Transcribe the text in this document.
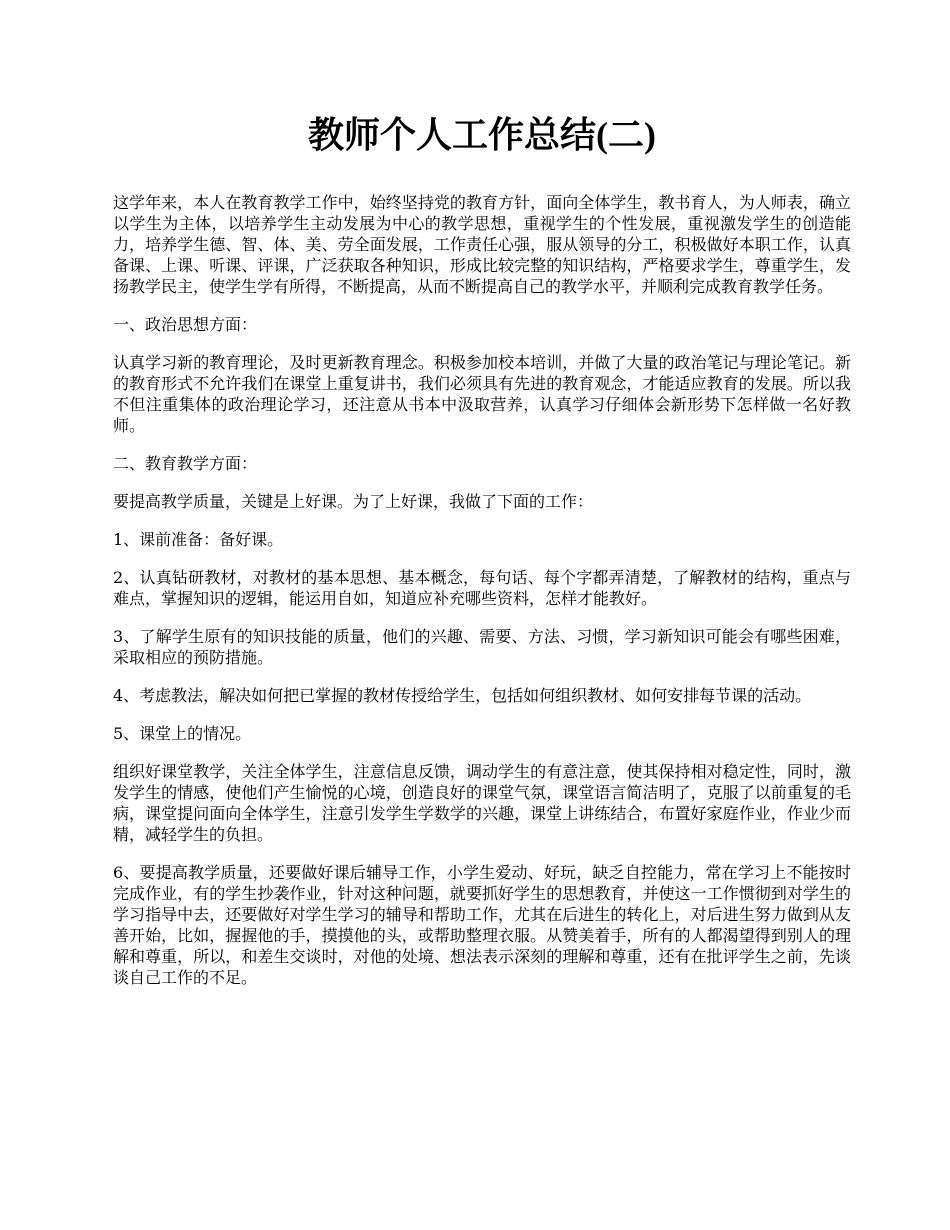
教师个人工作总结(二)

这学年来，本人在教育教学工作中，始终坚持党的教育方针，面向全体学生，教书育人，为人师表，确立以学生为主体，以培养学生主动发展为中心的教学思想，重视学生的个性发展，重视激发学生的创造能力，培养学生德、智、体、美、劳全面发展，工作责任心强，服从领导的分工，积极做好本职工作，认真备课、上课、听课、评课，广泛获取各种知识，形成比较完整的知识结构，严格要求学生，尊重学生，发扬教学民主，使学生学有所得，不断提高，从而不断提高自己的教学水平，并顺利完成教育教学任务。

一、政治思想方面：

认真学习新的教育理论，及时更新教育理念。积极参加校本培训，并做了大量的政治笔记与理论笔记。新的教育形式不允许我们在课堂上重复讲书，我们必须具有先进的教育观念，才能适应教育的发展。所以我不但注重集体的政治理论学习，还注意从书本中汲取营养，认真学习仔细体会新形势下怎样做一名好教师。

二、教育教学方面：

要提高教学质量，关键是上好课。为了上好课，我做了下面的工作：

1、课前准备：备好课。

2、认真钻研教材，对教材的基本思想、基本概念，每句话、每个字都弄清楚，了解教材的结构，重点与难点，掌握知识的逻辑，能运用自如，知道应补充哪些资料，怎样才能教好。

3、了解学生原有的知识技能的质量，他们的兴趣、需要、方法、习惯，学习新知识可能会有哪些困难，采取相应的预防措施。

4、考虑教法，解决如何把已掌握的教材传授给学生，包括如何组织教材、如何安排每节课的活动。

5、课堂上的情况。

组织好课堂教学，关注全体学生，注意信息反馈，调动学生的有意注意，使其保持相对稳定性，同时，激发学生的情感，使他们产生愉悦的心境，创造良好的课堂气氛，课堂语言简洁明了，克服了以前重复的毛病，课堂提问面向全体学生，注意引发学生学数学的兴趣，课堂上讲练结合，布置好家庭作业，作业少而精，减轻学生的负担。

6、要提高教学质量，还要做好课后辅导工作，小学生爱动、好玩，缺乏自控能力，常在学习上不能按时完成作业，有的学生抄袭作业，针对这种问题，就要抓好学生的思想教育，并使这一工作惯彻到对学生的学习指导中去，还要做好对学生学习的辅导和帮助工作，尤其在后进生的转化上，对后进生努力做到从友善开始，比如，握握他的手，摸摸他的头，或帮助整理衣服。从赞美着手，所有的人都渴望得到别人的理解和尊重，所以，和差生交谈时，对他的处境、想法表示深刻的理解和尊重，还有在批评学生之前，先谈谈自己工作的不足。
